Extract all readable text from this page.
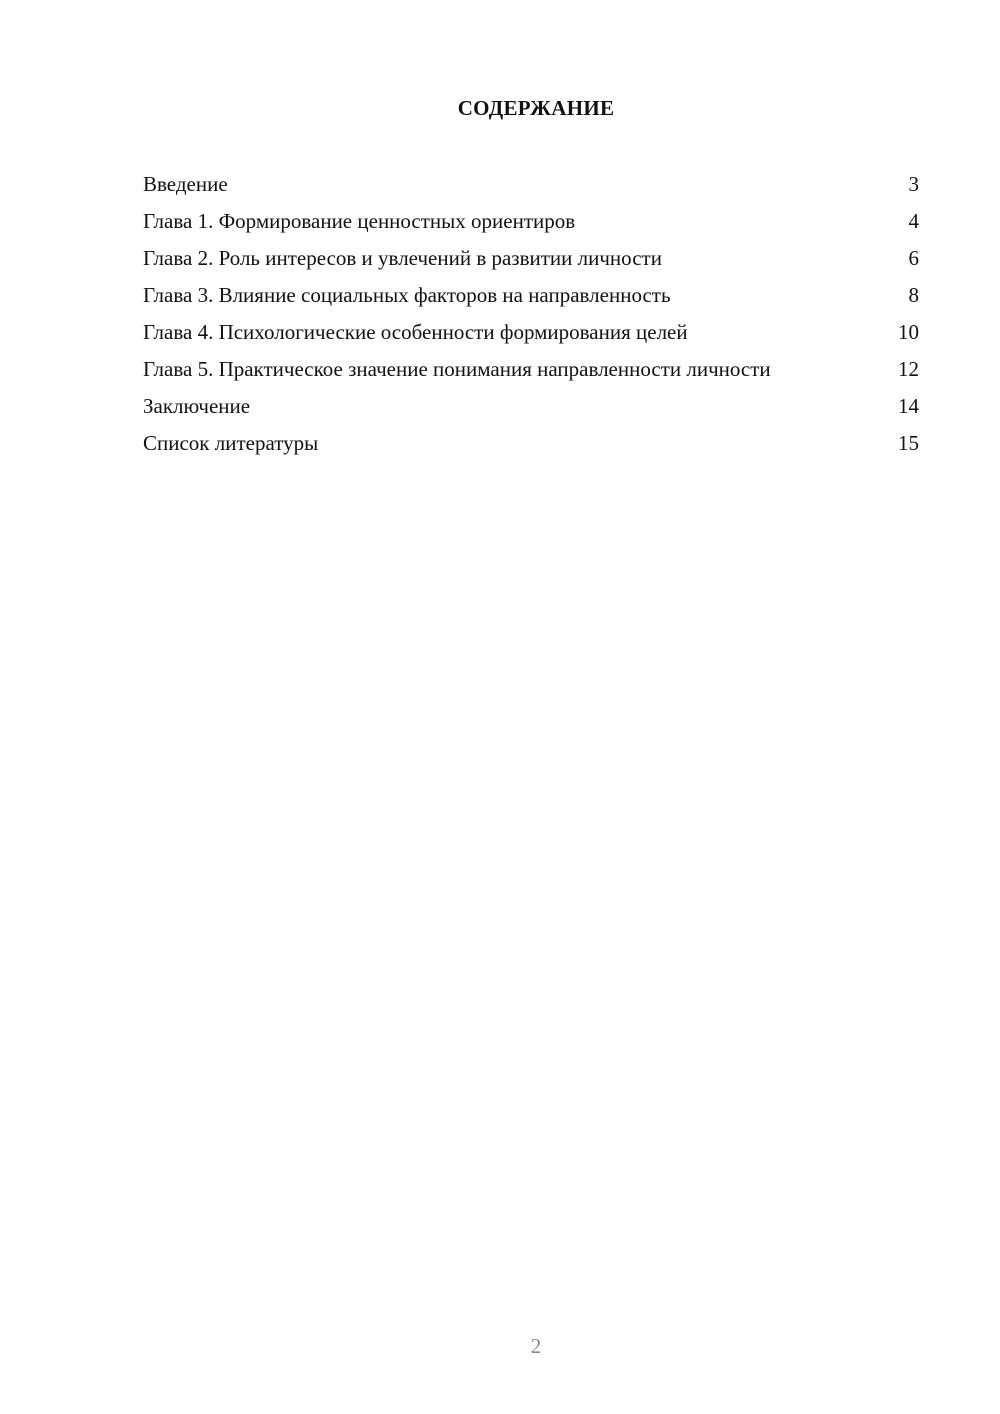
СОДЕРЖАНИЕ
Введение	3
Глава 1. Формирование ценностных ориентиров	4
Глава 2. Роль интересов и увлечений в развитии личности	6
Глава 3. Влияние социальных факторов на направленность	8
Глава 4. Психологические особенности формирования целей	10
Глава 5. Практическое значение понимания направленности личности	12
Заключение	14
Список литературы	15
2
